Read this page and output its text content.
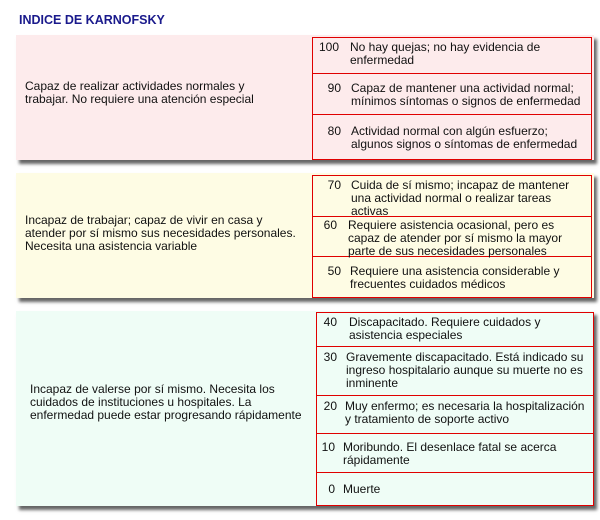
INDICE DE KARNOFSKY
Capaz de realizar actividades normales y trabajar. No requiere una atención especial
100 No hay quejas; no hay evidencia de enfermedad
90 Capaz de mantener una actividad normal; mínimos síntomas o signos de enfermedad
80 Actividad normal con algún esfuerzo; algunos signos o síntomas de enfermedad
Incapaz de trabajar; capaz de vivir en casa y atender por sí mismo sus necesidades personales. Necesita una asistencia variable
70 Cuida de sí mismo; incapaz de mantener una actividad normal o realizar tareas activas
60 Requiere asistencia ocasional, pero es capaz de atender por sí mismo la mayor parte de sus necesidades personales
50 Requiere una asistencia considerable y frecuentes cuidados médicos
Incapaz de valerse por sí mismo. Necesita los cuidados de instituciones u hospitales. La enfermedad puede estar progresando rápidamente
40 Discapacitado. Requiere cuidados y asistencia especiales
30 Gravemente discapacitado. Está indicado su ingreso hospitalario aunque su muerte no es inminente
20 Muy enfermo; es necesaria la hospitalización y tratamiento de soporte activo
10 Moribundo. El desenlace fatal se acerca rápidamente
0 Muerte
